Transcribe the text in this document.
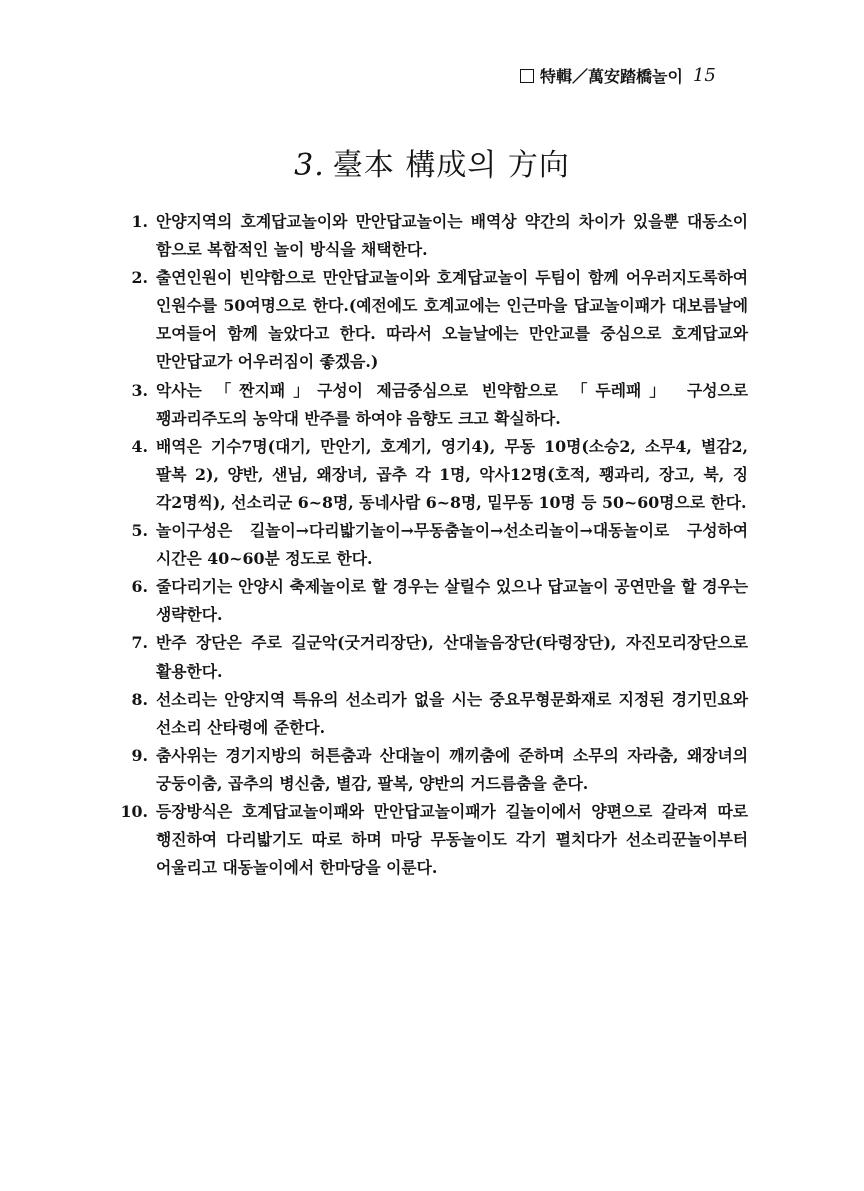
特輯／萬安踏橋놀이 15
3. 臺本 構成의 方向
1. 안양지역의 호계답교놀이와 만안답교놀이는 배역상 약간의 차이가 있을뿐 대동소이 함으로 복합적인 놀이 방식을 채택한다.
2. 출연인원이 빈약함으로 만안답교놀이와 호계답교놀이 두팀이 함께 어우러지도록하여 인원수를 50여명으로 한다.(예전에도 호계교에는 인근마을 답교놀이패가 대보름날에 모여들어 함께 놀았다고 한다. 따라서 오늘날에는 만안교를 중심으로 호계답교와 만안답교가 어우러짐이 좋겠음.)
3. 악사는 「짠지패」구성이 제금중심으로 빈약함으로 「두레패」 구성으로 꽹과리주도의 농악대 반주를 하여야 음향도 크고 확실하다.
4. 배역은 기수7명(대기, 만안기, 호계기, 영기4), 무동 10명(소승2, 소무4, 별감2, 팔복 2), 양반, 샌님, 왜장녀, 곱추 각 1명, 악사12명(호적, 꽹과리, 장고, 북, 징 각2명씩), 선소리군 6~8명, 동네사람 6~8명, 밑무동 10명 등 50~60명으로 한다.
5. 놀이구성은 길놀이→다리밟기놀이→무동춤놀이→선소리놀이→대동놀이로 구성하여 시간은 40~60분 정도로 한다.
6. 줄다리기는 안양시 축제놀이로 할 경우는 살릴수 있으나 답교놀이 공연만을 할 경우는 생략한다.
7. 반주 장단은 주로 길군악(굿거리장단), 산대놀음장단(타령장단), 자진모리장단으로 활용한다.
8. 선소리는 안양지역 특유의 선소리가 없을 시는 중요무형문화재로 지정된 경기민요와 선소리 산타령에 준한다.
9. 춤사위는 경기지방의 허튼춤과 산대놀이 깨끼춤에 준하며 소무의 자라춤, 왜장녀의 궁둥이춤, 곱추의 병신춤, 별감, 팔복, 양반의 거드름춤을 춘다.
10. 등장방식은 호계답교놀이패와 만안답교놀이패가 길놀이에서 양편으로 갈라져 따로 행진하여 다리밟기도 따로 하며 마당 무동놀이도 각기 펼치다가 선소리꾼놀이부터 어울리고 대동놀이에서 한마당을 이룬다.
